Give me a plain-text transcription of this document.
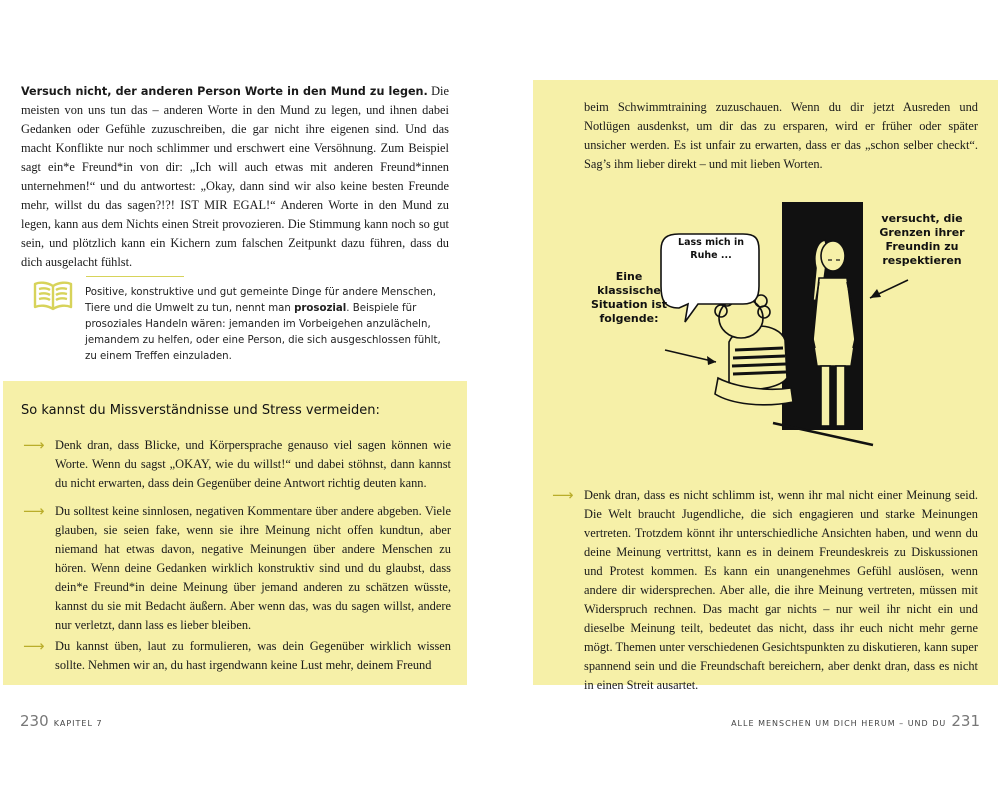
Versuch nicht, der anderen Person Worte in den Mund zu legen. Die meisten von uns tun das – anderen Worte in den Mund zu legen, und ihnen dabei Gedanken oder Gefühle zuzuschreiben, die gar nicht ihre eigenen sind. Und das macht Konflikte nur noch schlimmer und erschwert eine Versöhnung. Zum Beispiel sagt ein*e Freund*in von dir: „Ich will auch etwas mit anderen Freund*innen unternehmen!“ und du antwortest: „Okay, dann sind wir also keine besten Freunde mehr, willst du das sagen?!?! IST MIR EGAL!“ Anderen Worte in den Mund zu legen, kann aus dem Nichts einen Streit provozieren. Die Stimmung kann noch so gut sein, und plötzlich kann ein Kichern zum falschen Zeitpunkt dazu führen, dass du dich ausgelacht fühlst.
Positive, konstruktive und gut gemeinte Dinge für andere Menschen, Tiere und die Umwelt zu tun, nennt man prosozial. Beispiele für prosoziales Handeln wären: jemanden im Vorbeigehen anzulächeln, jemandem zu helfen, oder eine Person, die sich ausgeschlossen fühlt, zu einem Treffen einzuladen.
So kannst du Missverständnisse und Stress vermeiden:
⟶ Denk dran, dass Blicke, und Körpersprache genauso viel sagen können wie Worte. Wenn du sagst „OKAY, wie du willst!“ und dabei stöhnst, dann kannst du nicht erwarten, dass dein Gegenüber deine Antwort richtig deuten kann.
⟶ Du solltest keine sinnlosen, negativen Kommentare über andere abgeben. Viele glauben, sie seien fake, wenn sie ihre Meinung nicht offen kundtun, aber niemand hat etwas davon, negative Meinungen über andere Menschen zu hören. Wenn deine Gedanken wirklich konstruktiv sind und du glaubst, dass dein*e Freund*in deine Meinung über jemand anderen zu schätzen wüsste, kannst du sie mit Bedacht äußern. Aber wenn das, was du sagen willst, andere nur verletzt, dann lass es lieber bleiben.
⟶ Du kannst üben, laut zu formulieren, was dein Gegenüber wirklich wissen sollte. Nehmen wir an, du hast irgendwann keine Lust mehr, deinem Freund
230 KAPITEL 7
beim Schwimmtraining zuzuschauen. Wenn du dir jetzt Ausreden und Notlügen ausdenkst, um dir das zu ersparen, wird er früher oder später unsicher werden. Es ist unfair zu erwarten, dass er das „schon selber checkt“. Sag’s ihm lieber direkt – und mit lieben Worten.
Lass mich in Ruhe ...
Eine klassische Situation ist folgende:
versucht, die Grenzen ihrer Freundin zu respektieren
⟶ Denk dran, dass es nicht schlimm ist, wenn ihr mal nicht einer Meinung seid. Die Welt braucht Jugendliche, die sich engagieren und starke Meinungen vertreten. Trotzdem könnt ihr unterschiedliche Ansichten haben, und wenn du deine Meinung vertrittst, kann es in deinem Freundeskreis zu Diskussionen und Protest kommen. Es kann ein unangenehmes Gefühl auslösen, wenn andere dir widersprechen. Aber alle, die ihre Meinung vertreten, müssen mit Widerspruch rechnen. Das macht gar nichts – nur weil ihr nicht ein und dieselbe Meinung teilt, bedeutet das nicht, dass ihr euch nicht mehr gerne mögt. Themen unter verschiedenen Gesichtspunkten zu diskutieren, kann super spannend sein und die Freundschaft bereichern, aber denkt dran, dass es nicht in einen Streit ausartet.
ALLE MENSCHEN UM DICH HERUM – UND DU 231
